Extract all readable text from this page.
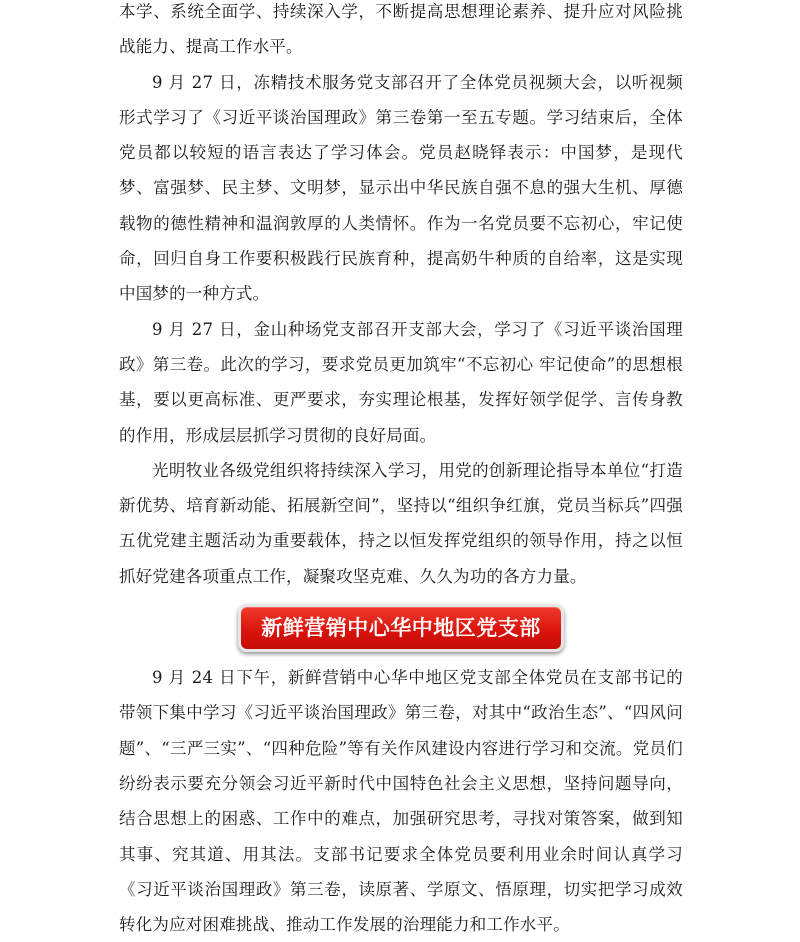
本学、系统全面学、持续深入学，不断提高思想理论素养、提升应对风险挑战能力、提高工作水平。

9 月 27 日，冻精技术服务党支部召开了全体党员视频大会，以听视频形式学习了《习近平谈治国理政》第三卷第一至五专题。学习结束后，全体党员都以较短的语言表达了学习体会。党员赵晓铎表示：中国梦，是现代梦、富强梦、民主梦、文明梦，显示出中华民族自强不息的强大生机、厚德载物的德性精神和温润敦厚的人类情怀。作为一名党员要不忘初心，牢记使命，回归自身工作要积极践行民族育种，提高奶牛种质的自给率，这是实现中国梦的一种方式。

9 月 27 日，金山种场党支部召开支部大会，学习了《习近平谈治国理政》第三卷。此次的学习，要求党员更加筑牢“不忘初心 牢记使命”的思想根基，要以更高标准、更严要求，夯实理论根基，发挥好领学促学、言传身教的作用，形成层层抓学习贯彻的良好局面。

光明牧业各级党组织将持续深入学习，用党的创新理论指导本单位“打造新优势、培育新动能、拓展新空间”，坚持以“组织争红旗，党员当标兵”四强五优党建主题活动为重要载体，持之以恒发挥党组织的领导作用，持之以恒抓好党建各项重点工作，凝聚攻坚克难、久久为功的各方力量。

新鲜营销中心华中地区党支部

9 月 24 日下午，新鲜营销中心华中地区党支部全体党员在支部书记的带领下集中学习《习近平谈治国理政》第三卷，对其中“政治生态”、“四风问题”、“三严三实”、“四种危险”等有关作风建设内容进行学习和交流。党员们纷纷表示要充分领会习近平新时代中国特色社会主义思想，坚持问题导向，结合思想上的困惑、工作中的难点，加强研究思考，寻找对策答案，做到知其事、究其道、用其法。支部书记要求全体党员要利用业余时间认真学习《习近平谈治国理政》第三卷，读原著、学原文、悟原理，切实把学习成效转化为应对困难挑战、推动工作发展的治理能力和工作水平。
